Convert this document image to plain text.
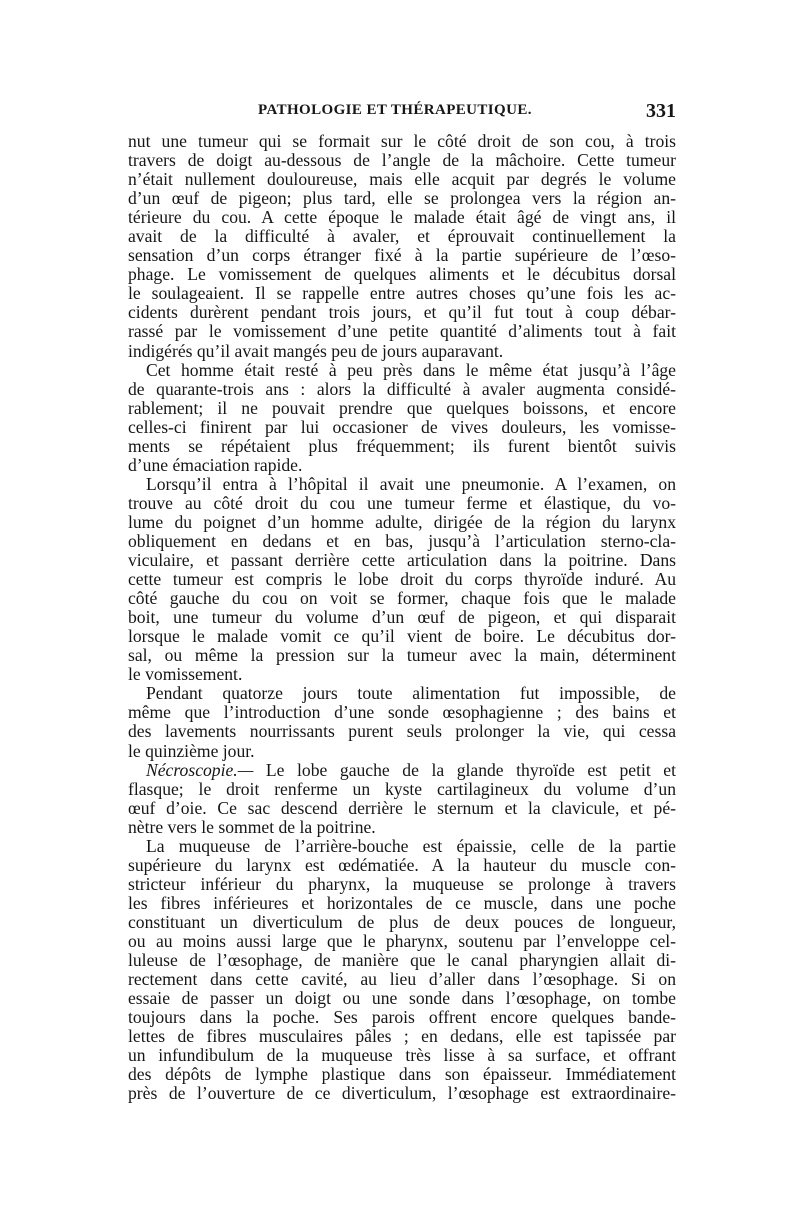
PATHOLOGIE ET THÉRAPEUTIQUE.	331
nut une tumeur qui se formait sur le côté droit de son cou, à trois
travers de doigt au-dessous de l’angle de la mâchoire. Cette tumeur
n’était nullement douloureuse, mais elle acquit par degrés le volume
d’un œuf de pigeon; plus tard, elle se prolongea vers la région an-
térieure du cou. A cette époque le malade était âgé de vingt ans, il
avait de la difficulté à avaler, et éprouvait continuellement la
sensation d’un corps étranger fixé à la partie supérieure de l’œso-
phage. Le vomissement de quelques aliments et le décubitus dorsal
le soulageaient. Il se rappelle entre autres choses qu’une fois les ac-
cidents durèrent pendant trois jours, et qu’il fut tout à coup débar-
rassé par le vomissement d’une petite quantité d’aliments tout à fait
indigérés qu’il avait mangés peu de jours auparavant.
Cet homme était resté à peu près dans le même état jusqu’à l’âge
de quarante-trois ans : alors la difficulté à avaler augmenta considé-
rablement; il ne pouvait prendre que quelques boissons, et encore
celles-ci finirent par lui occasioner de vives douleurs, les vomisse-
ments se répétaient plus fréquemment; ils furent bientôt suivis
d’une émaciation rapide.
Lorsqu’il entra à l’hôpital il avait une pneumonie. A l’examen, on
trouve au côté droit du cou une tumeur ferme et élastique, du vo-
lume du poignet d’un homme adulte, dirigée de la région du larynx
obliquement en dedans et en bas, jusqu’à l’articulation sterno-cla-
viculaire, et passant derrière cette articulation dans la poitrine. Dans
cette tumeur est compris le lobe droit du corps thyroïde induré. Au
côté gauche du cou on voit se former, chaque fois que le malade
boit, une tumeur du volume d’un œuf de pigeon, et qui disparait
lorsque le malade vomit ce qu’il vient de boire. Le décubitus dor-
sal, ou même la pression sur la tumeur avec la main, déterminent
le vomissement.
Pendant quatorze jours toute alimentation fut impossible, de
même que l’introduction d’une sonde œsophagienne ; des bains et
des lavements nourrissants purent seuls prolonger la vie, qui cessa
le quinzième jour.
Nécroscopie.— Le lobe gauche de la glande thyroïde est petit et
flasque; le droit renferme un kyste cartilagineux du volume d’un
œuf d’oie. Ce sac descend derrière le sternum et la clavicule, et pé-
nètre vers le sommet de la poitrine.
La muqueuse de l’arrière-bouche est épaissie, celle de la partie
supérieure du larynx est œdématiée. A la hauteur du muscle con-
stricteur inférieur du pharynx, la muqueuse se prolonge à travers
les fibres inférieures et horizontales de ce muscle, dans une poche
constituant un diverticulum de plus de deux pouces de longueur,
ou au moins aussi large que le pharynx, soutenu par l’enveloppe cel-
luleuse de l’œsophage, de manière que le canal pharyngien allait di-
rectement dans cette cavité, au lieu d’aller dans l’œsophage. Si on
essaie de passer un doigt ou une sonde dans l’œsophage, on tombe
toujours dans la poche. Ses parois offrent encore quelques bande-
lettes de fibres musculaires pâles ; en dedans, elle est tapissée par
un infundibulum de la muqueuse très lisse à sa surface, et offrant
des dépôts de lymphe plastique dans son épaisseur. Immédiatement
près de l’ouverture de ce diverticulum, l’œsophage est extraordinaire-
